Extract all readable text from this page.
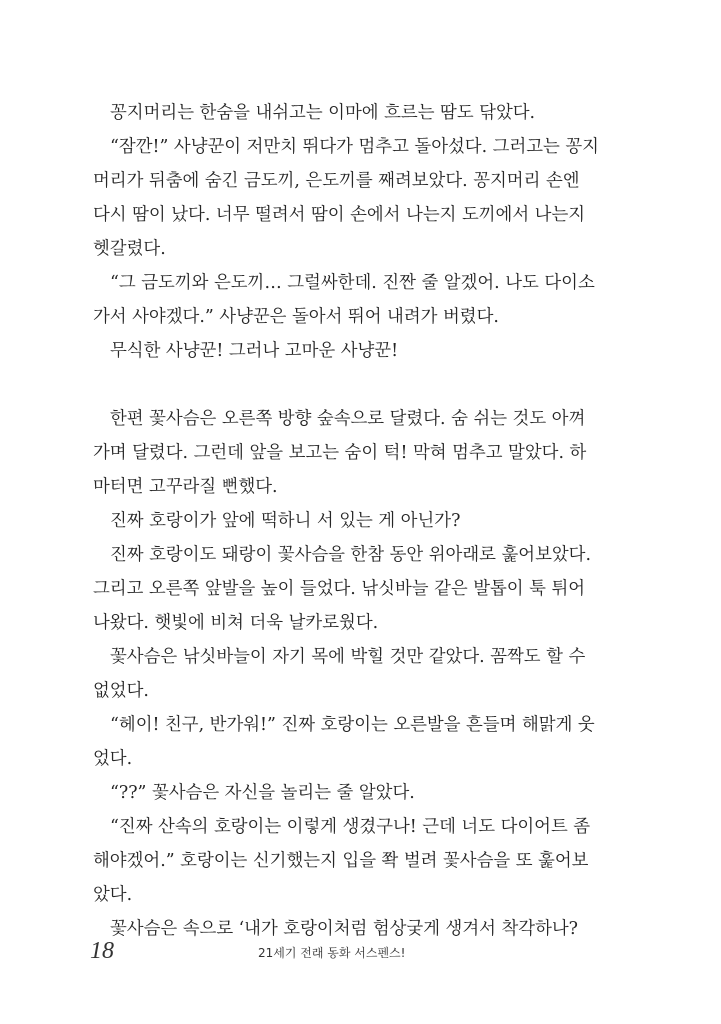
꽁지머리는 한숨을 내쉬고는 이마에 흐르는 땀도 닦았다.
“잠깐!” 사냥꾼이 저만치 뛰다가 멈추고 돌아섰다. 그러고는 꽁지
머리가 뒤춤에 숨긴 금도끼, 은도끼를 째려보았다. 꽁지머리 손엔
다시 땀이 났다. 너무 떨려서 땀이 손에서 나는지 도끼에서 나는지
헷갈렸다.
“그 금도끼와 은도끼… 그럴싸한데. 진짠 줄 알겠어. 나도 다이소
가서 사야겠다.” 사냥꾼은 돌아서 뛰어 내려가 버렸다.
무식한 사냥꾼! 그러나 고마운 사냥꾼!
한편 꽃사슴은 오른쪽 방향 숲속으로 달렸다. 숨 쉬는 것도 아껴
가며 달렸다. 그런데 앞을 보고는 숨이 턱! 막혀 멈추고 말았다. 하
마터면 고꾸라질 뻔했다.
진짜 호랑이가 앞에 떡하니 서 있는 게 아닌가?
진짜 호랑이도 돼랑이 꽃사슴을 한참 동안 위아래로 훑어보았다.
그리고 오른쪽 앞발을 높이 들었다. 낚싯바늘 같은 발톱이 툭 튀어
나왔다. 햇빛에 비쳐 더욱 날카로웠다.
꽃사슴은 낚싯바늘이 자기 목에 박힐 것만 같았다. 꼼짝도 할 수
없었다.
“헤이! 친구, 반가워!” 진짜 호랑이는 오른발을 흔들며 해맑게 웃
었다.
“??” 꽃사슴은 자신을 놀리는 줄 알았다.
“진짜 산속의 호랑이는 이렇게 생겼구나! 근데 너도 다이어트 좀
해야겠어.” 호랑이는 신기했는지 입을 쫙 벌려 꽃사슴을 또 훑어보
았다.
꽃사슴은 속으로 ‘내가 호랑이처럼 험상궂게 생겨서 착각하나?
18	21세기 전래 동화 서스펜스!
